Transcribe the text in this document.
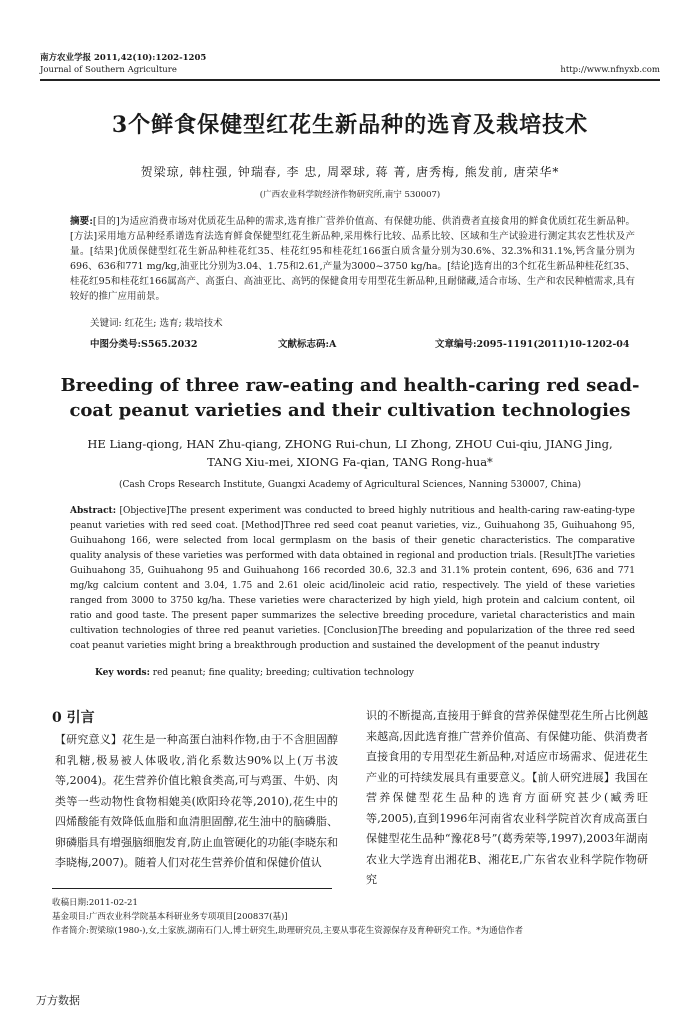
南方农业学报 2011,42(10):1202-1205
Journal of Southern Agriculture	http://www.nfnyxb.com
3个鲜食保健型红花生新品种的选育及栽培技术
贺梁琼, 韩柱强, 钟瑞春, 李 忠, 周翠球, 蒋 菁, 唐秀梅, 熊发前, 唐荣华*
(广西农业科学院经济作物研究所,南宁 530007)
摘要:[目的]为适应消费市场对优质花生品种的需求,选育推广营养价值高、有保健功能、供消费者直接食用的鲜食优质红花生新品种。[方法]采用地方品种经系谱选育法选育鲜食保健型红花生新品种,采用株行比较、品系比较、区域和生产试验进行测定其农艺性状及产量。[结果]优质保健型红花生新品种桂花红35、桂花红95和桂花红166蛋白质含量分别为30.6%、32.3%和31.1%,钙含量分别为696、636和771 mg/kg,油亚比分别为3.04、1.75和2.61,产量为3000~3750 kg/ha。[结论]选育出的3个红花生新品种桂花红35、桂花红95和桂花红166属高产、高蛋白、高油亚比、高钙的保健食用专用型花生新品种,且耐储藏,适合市场、生产和农民种植需求,具有较好的推广应用前景。
关键词: 红花生; 选育; 栽培技术
中图分类号:S565.2032	文献标志码:A	文章编号:2095-1191(2011)10-1202-04
Breeding of three raw-eating and health-caring red sead-coat peanut varieties and their cultivation technologies
HE Liang-qiong, HAN Zhu-qiang, ZHONG Rui-chun, LI Zhong, ZHOU Cui-qiu, JIANG Jing, TANG Xiu-mei, XIONG Fa-qian, TANG Rong-hua*
(Cash Crops Research Institute, Guangxi Academy of Agricultural Sciences, Nanning 530007, China)
Abstract: [Objective]The present experiment was conducted to breed highly nutritious and health-caring raw-eating-type peanut varieties with red seed coat. [Method]Three red seed coat peanut varieties, viz., Guihuahong 35, Guihuahong 95, Guihuahong 166, were selected from local germplasm on the basis of their genetic characteristics. The comparative quality analysis of these varieties was performed with data obtained in regional and production trials. [Result]The varieties Guihuahong 35, Guihuahong 95 and Guihuahong 166 recorded 30.6, 32.3 and 31.1% protein content, 696, 636 and 771 mg/kg calcium content and 3.04, 1.75 and 2.61 oleic acid/linoleic acid ratio, respectively. The yield of these varieties ranged from 3000 to 3750 kg/ha. These varieties were characterized by high yield, high protein and calcium content, oil ratio and good taste. The present paper summarizes the selective breeding procedure, varietal characteristics and main cultivation technologies of three red peanut varieties. [Conclusion]The breeding and popularization of the three red seed coat peanut varieties might bring a breakthrough production and sustained the development of the peanut industry
Key words: red peanut; fine quality; breeding; cultivation technology
0 引言
【研究意义】花生是一种高蛋白油料作物,由于不含胆固醇和乳糖,极易被人体吸收,消化系数达90%以上(万书波等,2004)。花生营养价值比粮食类高,可与鸡蛋、牛奶、肉类等一些动物性食物相媲美(欧阳玲花等,2010),花生中的四烯酸能有效降低血脂和血清胆固醇,花生油中的脑磷脂、卵磷脂具有增强脑细胞发育,防止血管硬化的功能(李晓东和李晓梅,2007)。随着人们对花生营养价值和保健价值认
识的不断提高,直接用于鲜食的营养保健型花生所占比例越来越高,因此选育推广营养价值高、有保健功能、供消费者直接食用的专用型花生新品种,对适应市场需求、促进花生产业的可持续发展具有重要意义。【前人研究进展】我国在营养保健型花生品种的选育方面研究甚少(臧秀旺等,2005),直到1996年河南省农业科学院首次育成高蛋白保健型花生品种“豫花8号”(葛秀荣等,1997),2003年湖南农业大学选育出湘花B、湘花E,广东省农业科学院作物研究
收稿日期:2011-02-21
基金项目:广西农业科学院基本科研业务专项项目[200837(基)]
作者简介:贺梁琼(1980-),女,土家族,湖南石门人,博士研究生,助理研究员,主要从事花生资源保存及育种研究工作。*为通信作者
万方数据
